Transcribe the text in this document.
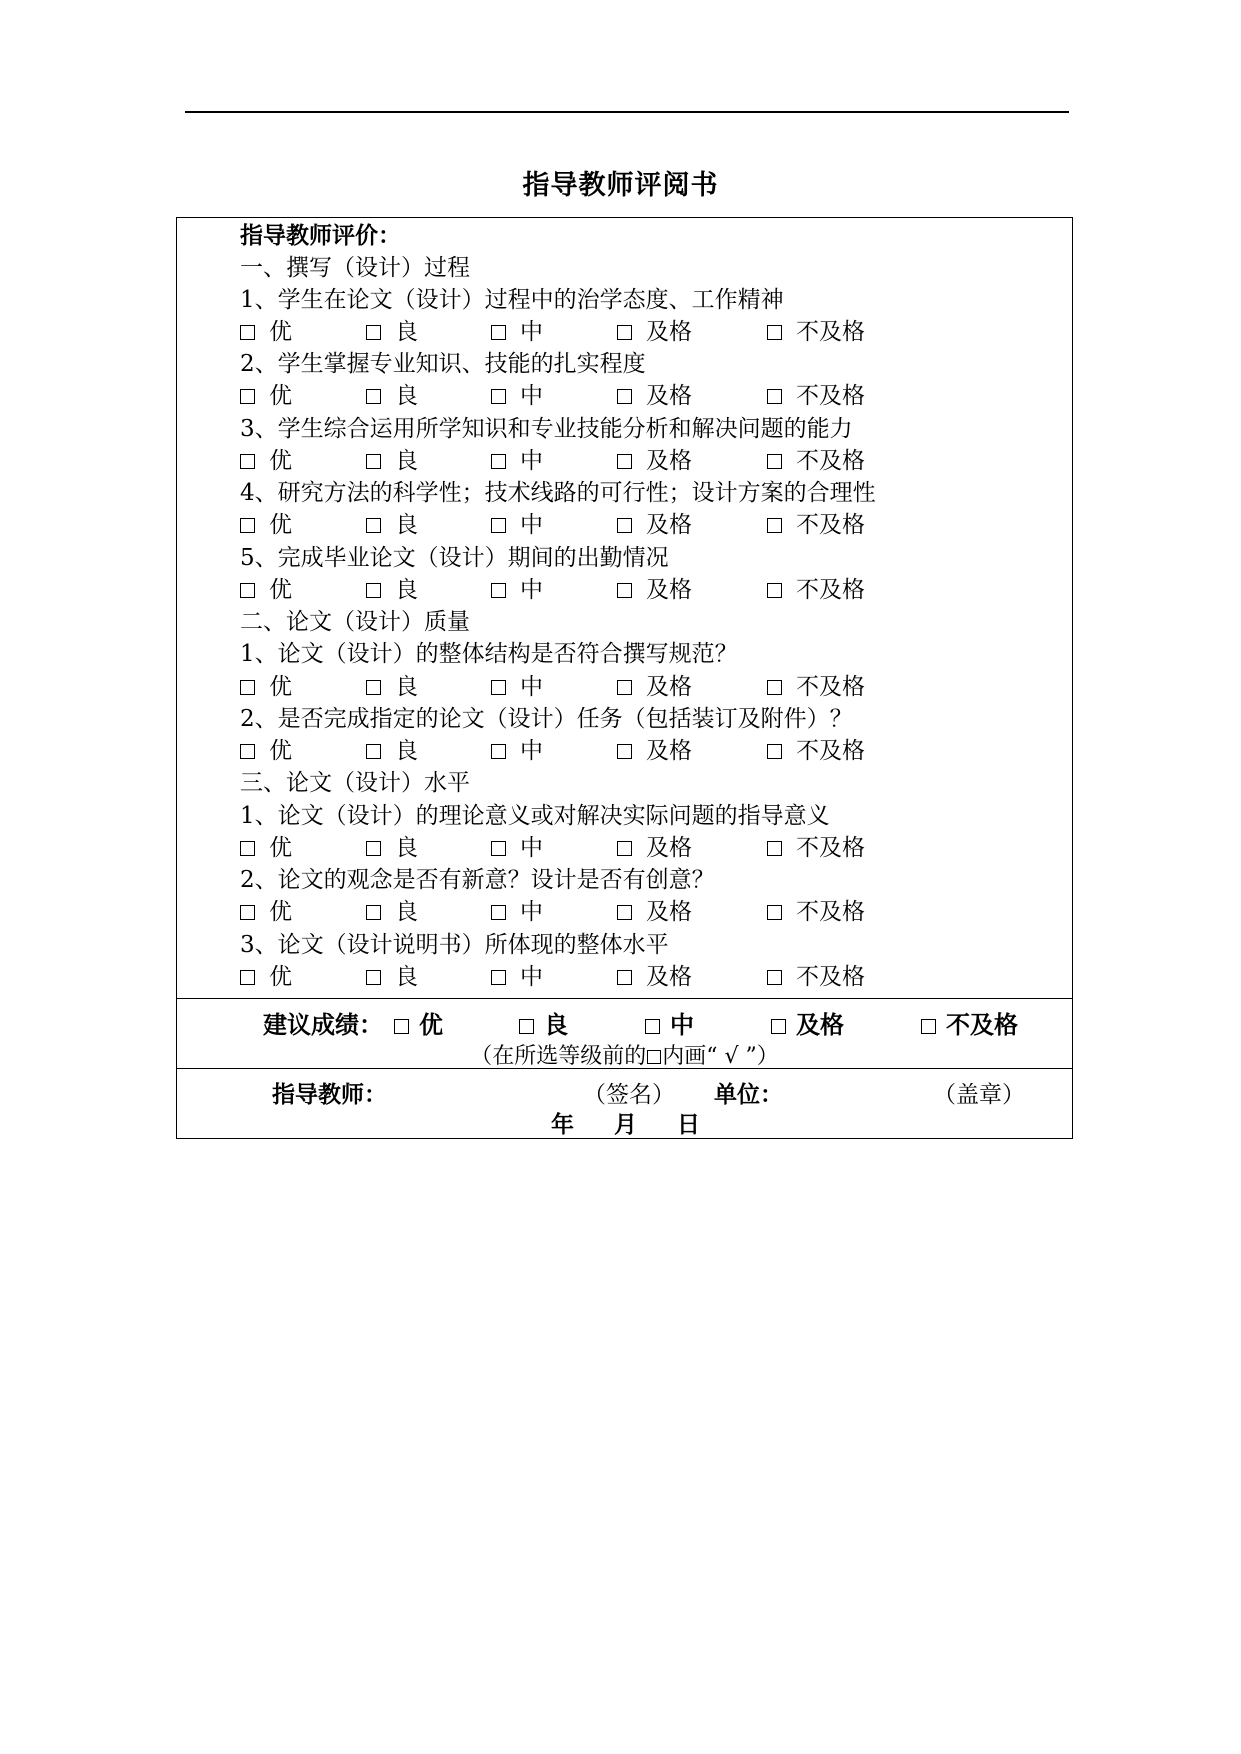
指导教师评阅书
指导教师评价：
一、撰写（设计）过程
1、学生在论文（设计）过程中的治学态度、工作精神
优	良	中	及格	不及格
2、学生掌握专业知识、技能的扎实程度
优	良	中	及格	不及格
3、学生综合运用所学知识和专业技能分析和解决问题的能力
优	良	中	及格	不及格
4、研究方法的科学性；技术线路的可行性；设计方案的合理性
优	良	中	及格	不及格
5、完成毕业论文（设计）期间的出勤情况
优	良	中	及格	不及格
二、论文（设计）质量
1、论文（设计）的整体结构是否符合撰写规范？
优	良	中	及格	不及格
2、是否完成指定的论文（设计）任务（包括装订及附件）？
优	良	中	及格	不及格
三、论文（设计）水平
1、论文（设计）的理论意义或对解决实际问题的指导意义
优	良	中	及格	不及格
2、论文的观念是否有新意？设计是否有创意？
优	良	中	及格	不及格
3、论文（设计说明书）所体现的整体水平
优	良	中	及格	不及格
建议成绩：	优	良	中	及格	不及格
（在所选等级前的 内画“ √ ”）
指导教师：	（签名） 单位：	（盖章）
年 月 日
